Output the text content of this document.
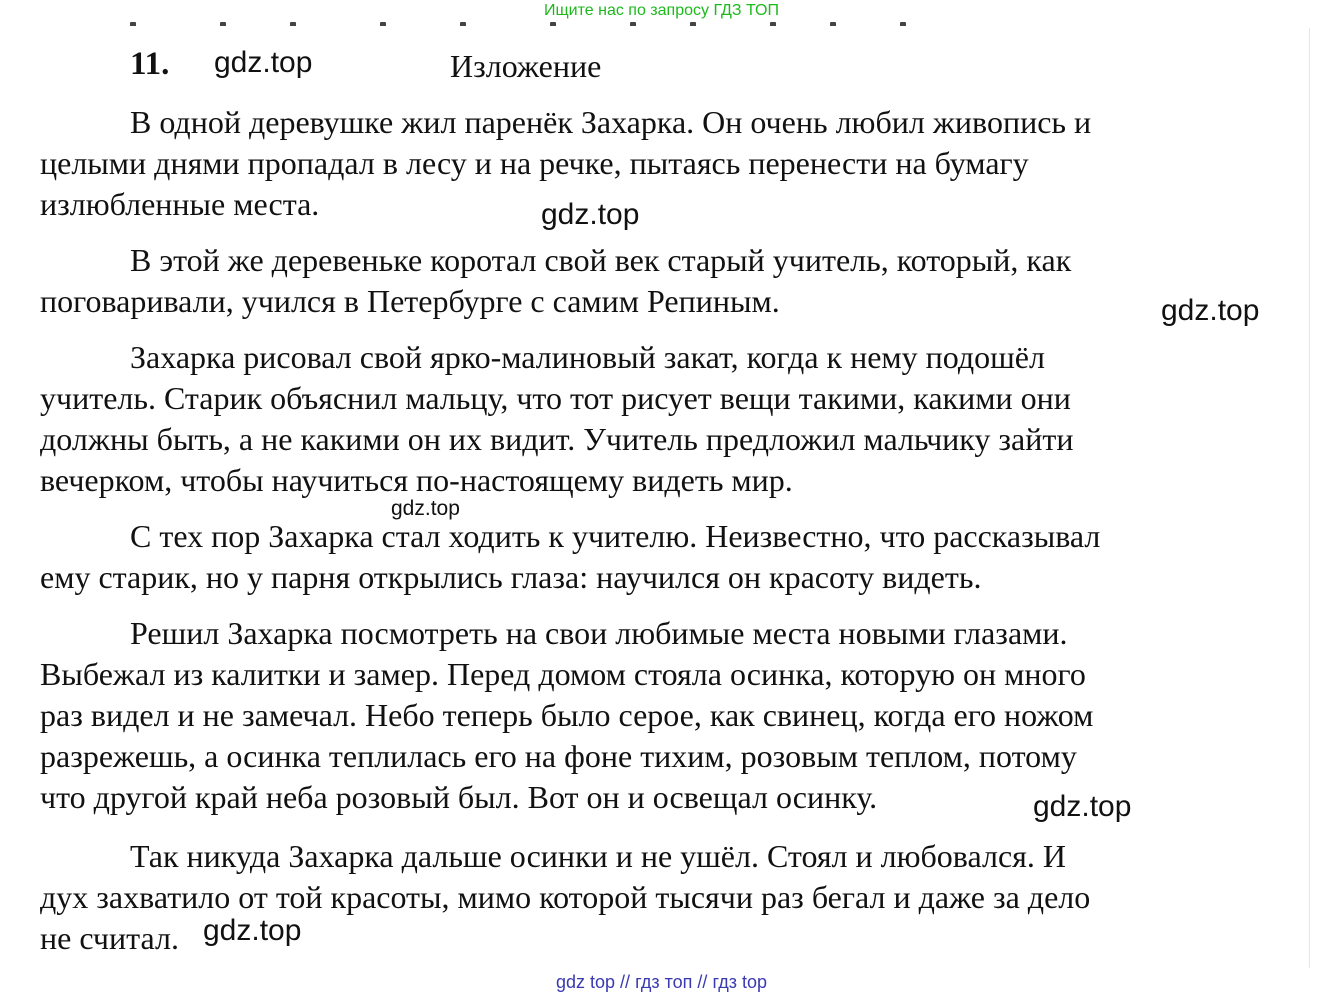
Ищите нас по запросу ГДЗ ТОП
11.	Изложение
gdz.top
gdz.top
gdz.top
gdz.top
gdz.top
gdz.top

В одной деревушке жил паренёк Захарка. Он очень любил живопись и
целыми днями пропадал в лесу и на речке, пытаясь перенести на бумагу
излюбленные места.

В этой же деревеньке коротал свой век старый учитель, который, как
поговаривали, учился в Петербурге с самим Репиным.

Захарка рисовал свой ярко-малиновый закат, когда к нему подошёл
учитель. Старик объяснил мальцу, что тот рисует вещи такими, какими они
должны быть, а не какими он их видит. Учитель предложил мальчику зайти
вечерком, чтобы научиться по-настоящему видеть мир.

С тех пор Захарка стал ходить к учителю. Неизвестно, что рассказывал
ему старик, но у парня открылись глаза: научился он красоту видеть.

Решил Захарка посмотреть на свои любимые места новыми глазами.
Выбежал из калитки и замер. Перед домом стояла осинка, которую он много
раз видел и не замечал. Небо теперь было серое, как свинец, когда его ножом
разрежешь, а осинка теплилась его на фоне тихим, розовым теплом, потому
что другой край неба розовый был. Вот он и освещал осинку.

Так никуда Захарка дальше осинки и не ушёл. Стоял и любовался. И
дух захватило от той красоты, мимо которой тысячи раз бегал и даже за дело
не считал.

gdz top // гдз топ // гдз top
